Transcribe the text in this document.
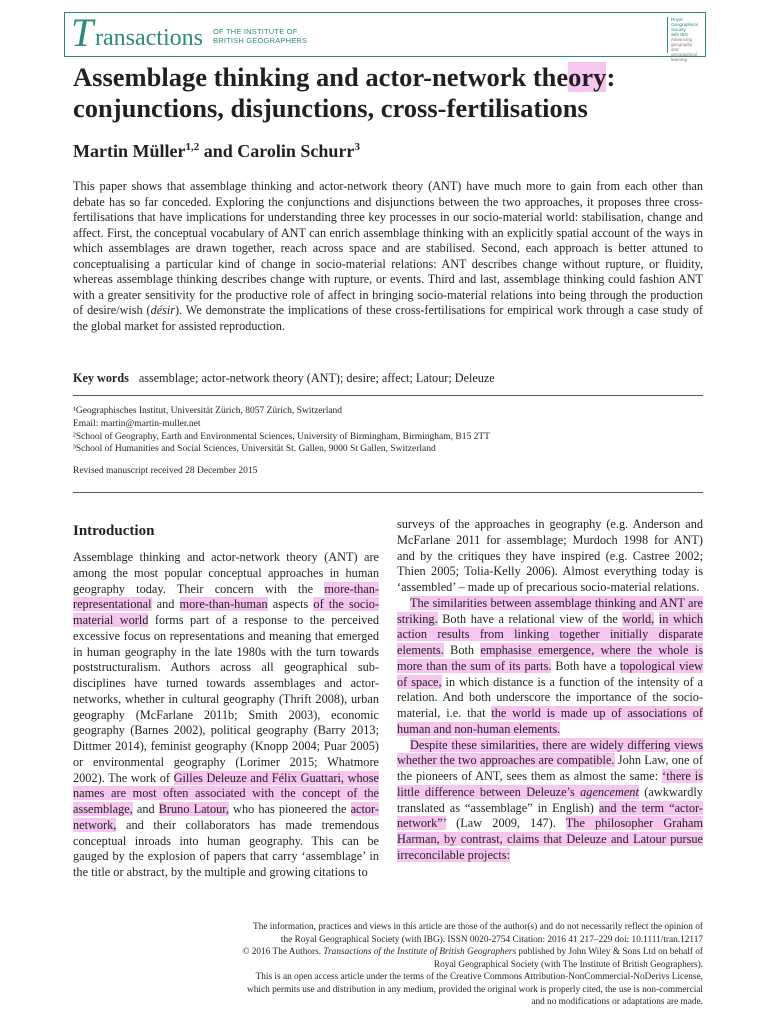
T ransactions OF THE INSTITUTE OF
BRITISH GEOGRAPHERS
Royal
Geographical
Society
with IBG
Advancing geography
and geographical learning
Assemblage thinking and actor-network theory:
conjunctions, disjunctions, cross-fertilisations
Martin Müller$^{1,2}$ and Carolin Schurr$^3$

This paper shows that assemblage thinking and actor-network theory (ANT) have much more to gain from each other than debate has so far conceded. Exploring the conjunctions and disjunctions between the two approaches, it proposes three cross-fertilisations that have implications for understanding three key processes in our socio-material world: stabilisation, change and affect. First, the conceptual vocabulary of ANT can enrich assemblage thinking with an explicitly spatial account of the ways in which assemblages are drawn together, reach across space and are stabilised. Second, each approach is better attuned to conceptualising a particular kind of change in socio-material relations: ANT describes change without rupture, or fluidity, whereas assemblage thinking describes change with rupture, or events. Third and last, assemblage thinking could fashion ANT with a greater sensitivity for the productive role of affect in bringing socio-material relations into being through the production of desire/wish (désir). We demonstrate the implications of these cross-fertilisations for empirical work through a case study of the global market for assisted reproduction.

Key words assemblage; actor-network theory (ANT); desire; affect; Latour; Deleuze
¹Geographisches Institut, Universität Zürich, 8057 Zürich, Switzerland
Email: martin@martin-muller.net
²School of Geography, Earth and Environmental Sciences, University of Birmingham, Birmingham, B15 2TT
³School of Humanities and Social Sciences, Universität St. Gallen, 9000 St Gallen, Switzerland
Revised manuscript received 28 December 2015
Introduction

Assemblage thinking and actor-network theory (ANT) are among the most popular conceptual approaches in human geography today. Their concern with the more-than-representational and more-than-human aspects of the socio-material world forms part of a response to the perceived excessive focus on representations and meaning that emerged in human geography in the late 1980s with the turn towards poststructuralism. Authors across all geographical sub-disciplines have turned towards assemblages and actor-networks, whether in cultural geography (Thrift 2008), urban geography (McFarlane 2011b; Smith 2003), economic geography (Barnes 2002), political geography (Barry 2013; Dittmer 2014), feminist geography (Knopp 2004; Puar 2005) or environmental geography (Lorimer 2015; Whatmore 2002). The work of Gilles Deleuze and Félix Guattari, whose names are most often associated with the concept of the assemblage, and Bruno Latour, who has pioneered the actor-network, and their collaborators has made tremendous conceptual inroads into human geography. This can be gauged by the explosion of papers that carry ‘assemblage’ in the title or abstract, by the multiple and growing citations to

surveys of the approaches in geography (e.g. Anderson and McFarlane 2011 for assemblage; Murdoch 1998 for ANT) and by the critiques they have inspired (e.g. Castree 2002; Thien 2005; Tolia-Kelly 2006). Almost everything today is ‘assembled’ – made up of precarious socio-material relations.

The similarities between assemblage thinking and ANT are striking. Both have a relational view of the world, in which action results from linking together initially disparate elements. Both emphasise emergence, where the whole is more than the sum of its parts. Both have a topological view of space, in which distance is a function of the intensity of a relation. And both underscore the importance of the socio-material, i.e. that the world is made up of associations of human and non-human elements.

Despite these similarities, there are widely differing views whether the two approaches are compatible. John Law, one of the pioneers of ANT, sees them as almost the same: ‘there is little difference between Deleuze’s agencement (awkwardly translated as “assemblage” in English) and the term “actor-network”’ (Law 2009, 147). The philosopher Graham Harman, by contrast, claims that Deleuze and Latour pursue irreconcilable projects:

The information, practices and views in this article are those of the author(s) and do not necessarily reflect the opinion of
the Royal Geographical Society (with IBG). ISSN 0020-2754 Citation: 2016 41 217–229 doi: 10.1111/tran.12117
© 2016 The Authors. Transactions of the Institute of British Geographers published by John Wiley & Sons Ltd on behalf of
Royal Geographical Society (with The Institute of British Geographers).
This is an open access article under the terms of the Creative Commons Attribution-NonCommercial-NoDerivs License,
which permits use and distribution in any medium, provided the original work is properly cited, the use is non-commercial
and no modifications or adaptations are made.
